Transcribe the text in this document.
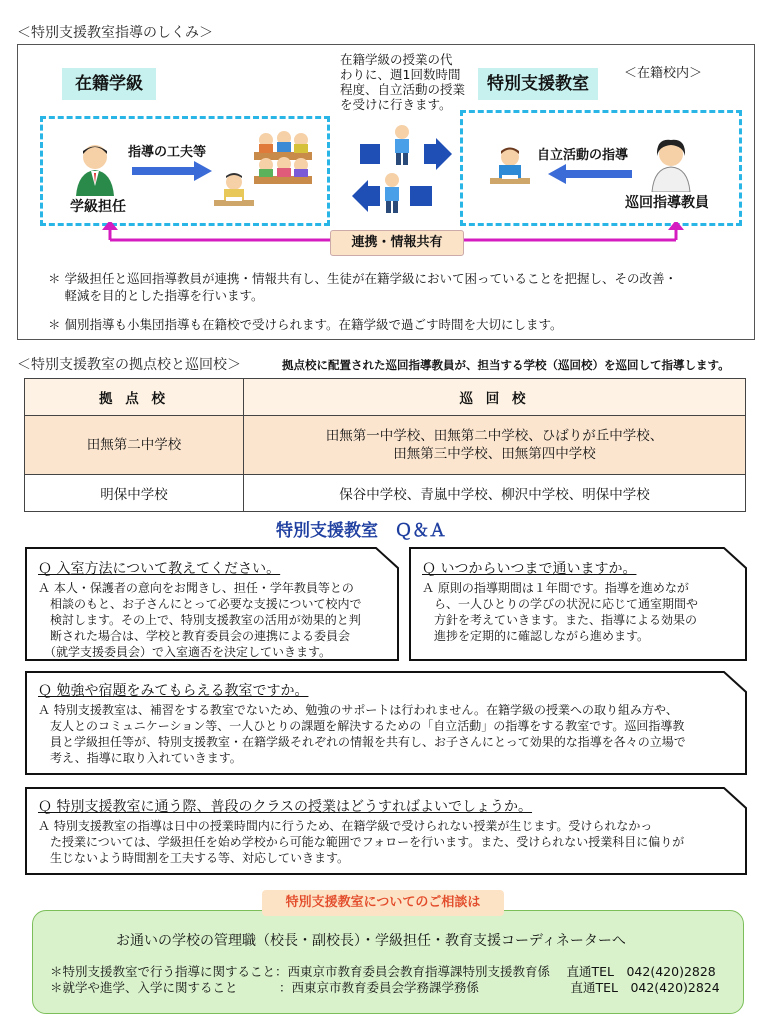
＜特別支援教室指導のしくみ＞
在籍学級	特別支援教室
＜在籍校内＞
在籍学級の授業の代
わりに、週1回数時間
程度、自立活動の授業
を受けに行きます。
学級担任
指導の工夫等	自立活動の指導
巡回指導教員
連携・情報共有
＊ 学級担任と巡回指導教員が連携・情報共有し、生徒が在籍学級において困っていることを把握し、その改善・
　 軽減を目的とした指導を行います。
＊ 個別指導も小集団指導も在籍校で受けられます。在籍学級で過ごす時間を大切にします。
＜特別支援教室の拠点校と巡回校＞	拠点校に配置された巡回指導教員が、担当する学校（巡回校）を巡回して指導します。
拠 点 校	巡 回 校
田無第二中学校	田無第一中学校、田無第二中学校、ひばりが丘中学校、
田無第三中学校、田無第四中学校

明保中学校	保谷中学校、青嵐中学校、柳沢中学校、明保中学校
特別支援教室　Ｑ＆Ａ
Ｑ 入室方法について教えてください。
Ａ 本人・保護者の意向をお聞きし、担任・学年教員等との
　相談のもと、お子さんにとって必要な支援について校内で
　検討します。その上で、特別支援教室の活用が効果的と判
　断された場合は、学校と教育委員会の連携による委員会
　（就学支援委員会）で入室適否を決定していきます。
Ｑ いつからいつまで通いますか。
Ａ 原則の指導期間は１年間です。指導を進めなが
　ら、一人ひとりの学びの状況に応じて通室期間や
　方針を考えていきます。また、指導による効果の
　進捗を定期的に確認しながら進めます。
Ｑ 勉強や宿題をみてもらえる教室ですか。
Ａ 特別支援教室は、補習をする教室でないため、勉強のサポートは行われません。在籍学級の授業への取り組み方や、
　友人とのコミュニケーション等、一人ひとりの課題を解決するための「自立活動」の指導をする教室です。巡回指導教
　員と学級担任等が、特別支援教室・在籍学級それぞれの情報を共有し、お子さんにとって効果的な指導を各々の立場で
　考え、指導に取り入れていきます。
Ｑ 特別支援教室に通う際、普段のクラスの授業はどうすればよいでしょうか。
Ａ 特別支援教室の指導は日中の授業時間内に行うため、在籍学級で受けられない授業が生じます。受けられなかっ
　た授業については、学級担任を始め学校から可能な範囲でフォローを行います。また、受けられない授業科目に偏りが
　生じないよう時間割を工夫する等、対応していきます。
特別支援教室についてのご相談は
お通いの学校の管理職（校長・副校長）・学級担任・教育支援コーディネーターへ
＊特別支援教室で行う指導に関すること：西東京市教育委員会教育指導課特別支援教育係　 直通TEL　042(420)2828
＊就学や進学、入学に関すること　　　 ：西東京市教育委員会学務課学務係　　　　　　　 直通TEL　042(420)2824
